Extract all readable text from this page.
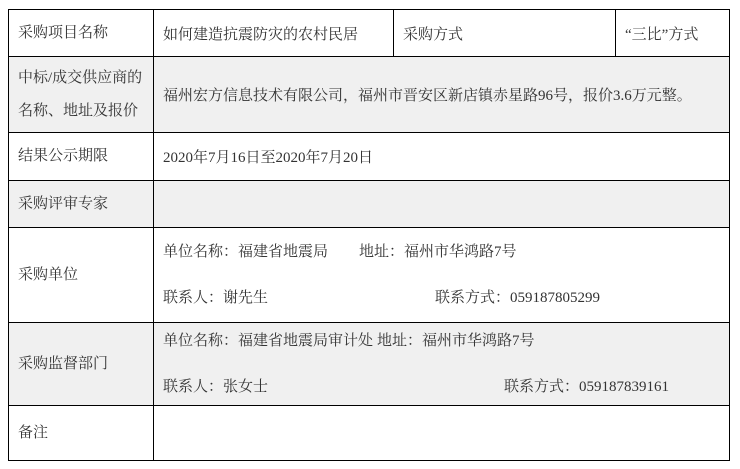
采购项目名称	如何建造抗震防灾的农村民居	采购方式	“三比”方式
中标/成交供应商的名称、地址及报价	福州宏方信息技术有限公司，福州市晋安区新店镇赤星路96号，报价3.6万元整。		
结果公示期限	2020年7月16日至2020年7月20日		
采购评审专家			
采购单位	单位名称：福建省地震局 地址：福州市华鸿路7号
联系人：谢先生 联系方式：059187805299		

采购监督部门	单位名称：福建省地震局审计处 地址：福州市华鸿路7号
联系人：张女士 联系方式：059187839161		

备注			
